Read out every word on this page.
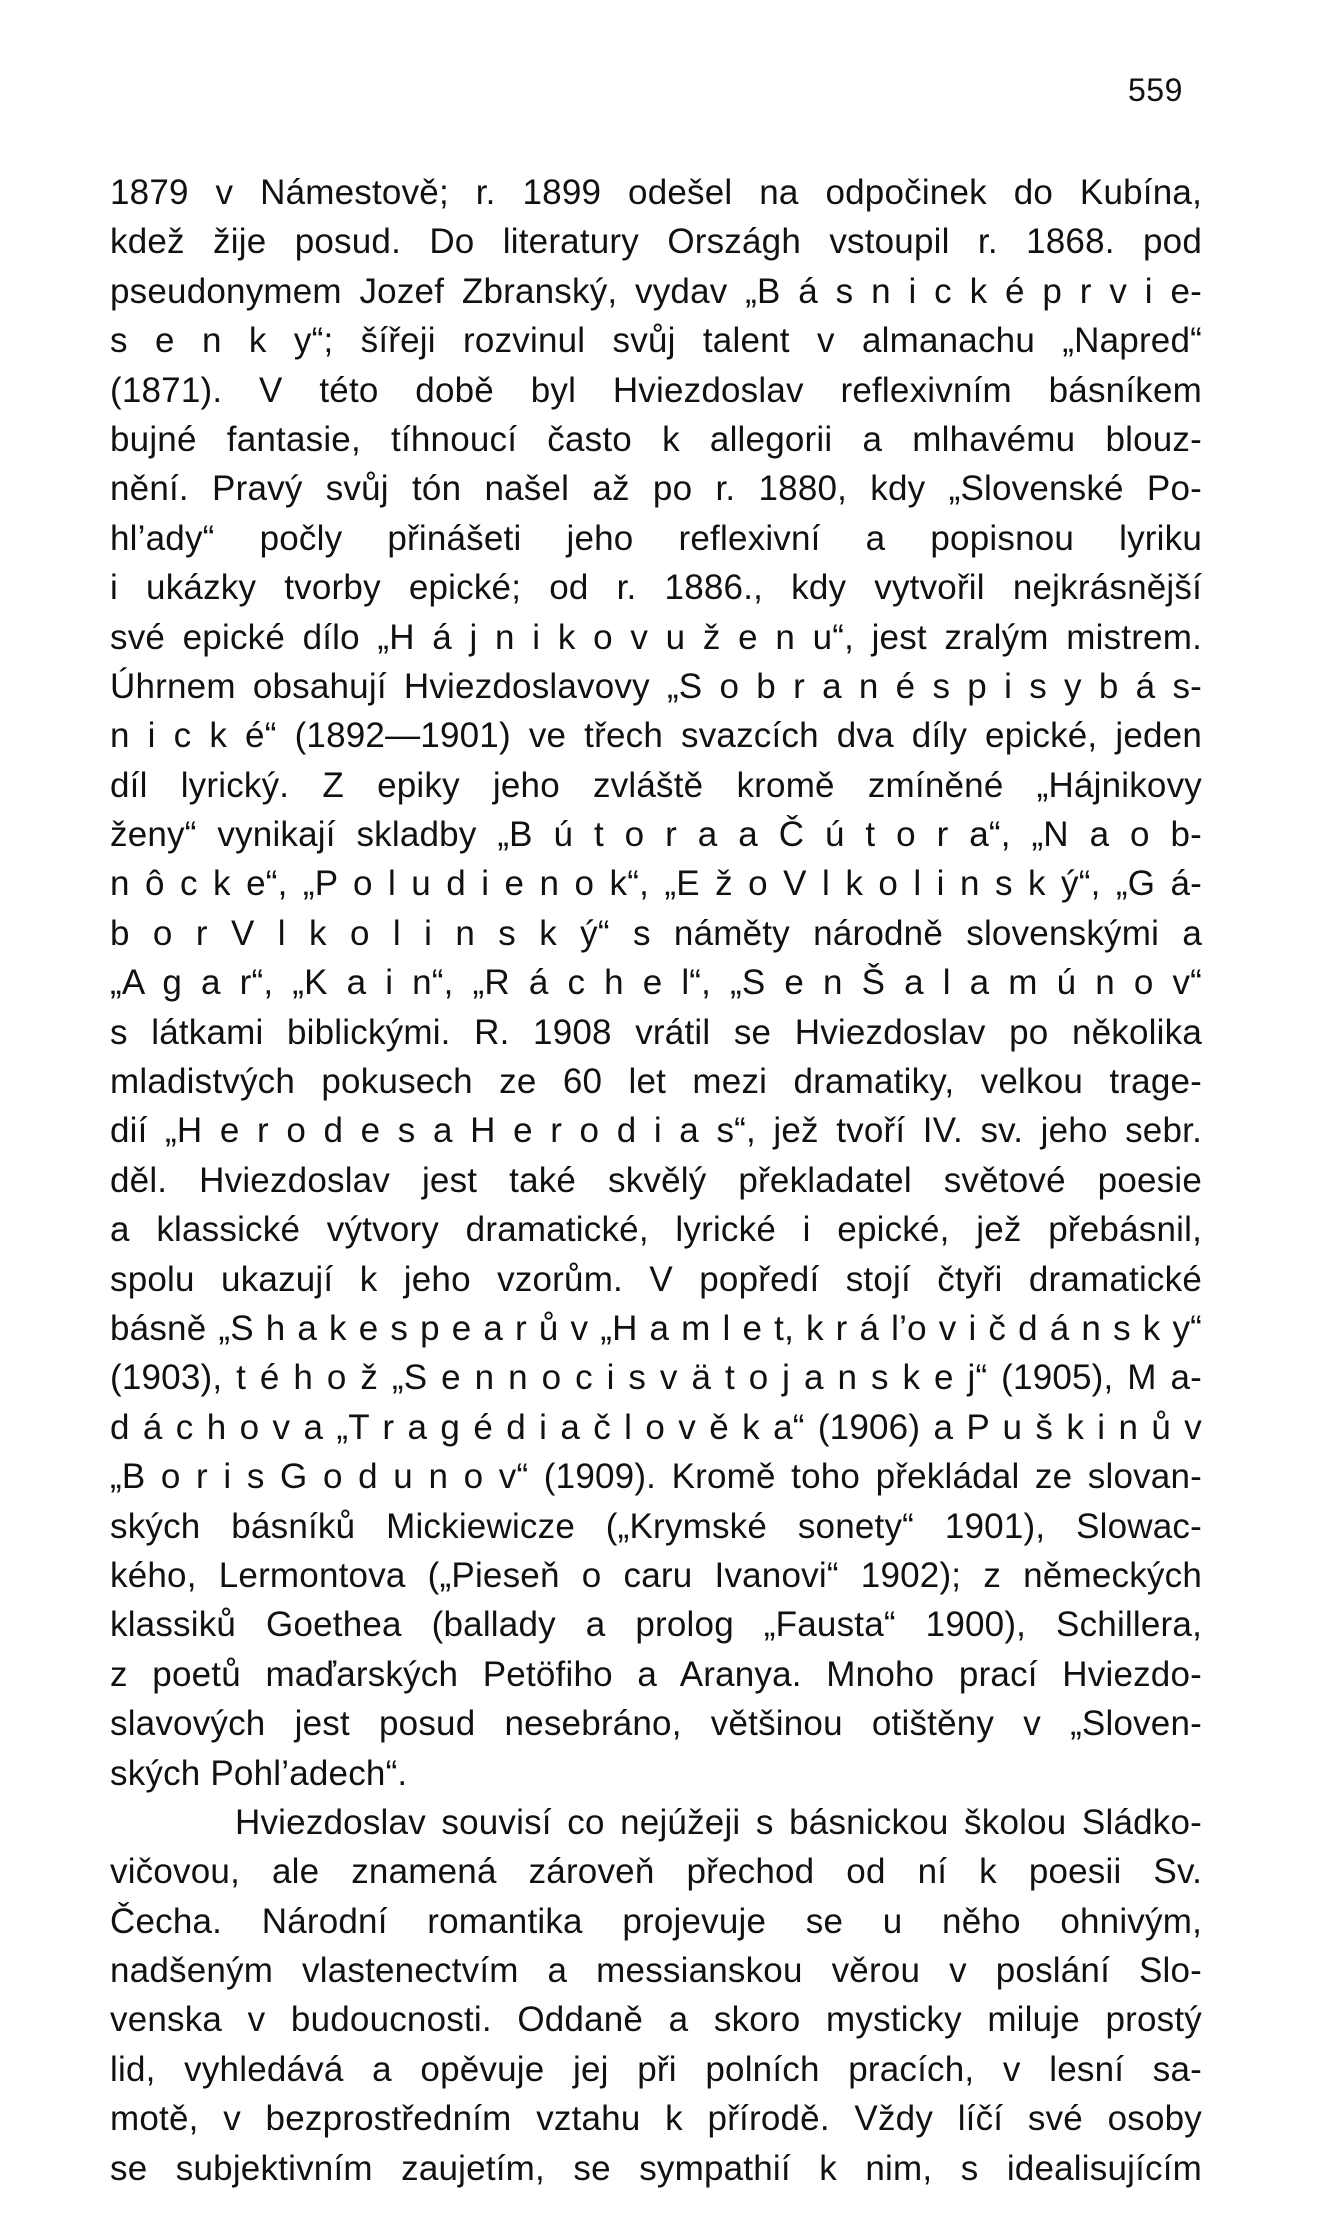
559
1879 v Námestově; r. 1899 odešel na odpočinek do Kubína,
kdež žije posud. Do literatury Országh vstoupil r. 1868. pod
pseudonymem Jozef Zbranský, vydav „B á s n i c k é p r v i e-
s e n k y“; šířeji rozvinul svůj talent v almanachu „Napred“
(1871). V této době byl Hviezdoslav reflexivním básníkem
bujné fantasie, tíhnoucí často k allegorii a mlhavému blouz-
nění. Pravý svůj tón našel až po r. 1880, kdy „Slovenské Po-
hl’ady“ počly přinášeti jeho reflexivní a popisnou lyriku
i ukázky tvorby epické; od r. 1886., kdy vytvořil nejkrásnější
své epické dílo „H á j n i k o v u ž e n u“, jest zralým mistrem.
Úhrnem obsahují Hviezdoslavovy „S o b r a n é s p i s y b á s-
n i c k é“ (1892—1901) ve třech svazcích dva díly epické, jeden
díl lyrický. Z epiky jeho zvláště kromě zmíněné „Hájnikovy
ženy“ vynikají skladby „B ú t o r a a Č ú t o r a“, „N a o b-
n ô c k e“, „P o l u d i e n o k“, „E ž o V l k o l i n s k ý“, „G á-
b o r V l k o l i n s k ý“ s náměty národně slovenskými a
„A g a r“, „K a i n“, „R á c h e l“, „S e n Š a l a m ú n o v“
s látkami biblickými. R. 1908 vrátil se Hviezdoslav po několika
mladistvých pokusech ze 60 let mezi dramatiky, velkou trage-
dií „H e r o d e s a H e r o d i a s“, jež tvoří IV. sv. jeho sebr.
děl. Hviezdoslav jest také skvělý překladatel světové poesie
a klassické výtvory dramatické, lyrické i epické, jež přebásnil,
spolu ukazují k jeho vzorům. V popředí stojí čtyři dramatické
básně „S h a k e s p e a r ů v „H a m l e t, k r á l’o v i č d á n s k y“
(1903), t é h o ž „S e n n o c i s v ä t o j a n s k e j“ (1905), M a-
d á c h o v a „T r a g é d i a č l o v ě k a“ (1906) a P u š k i n ů v
„B o r i s G o d u n o v“ (1909). Kromě toho překládal ze slovan-
ských básníků Mickiewicze („Krymské sonety“ 1901), Slowac-
kého, Lermontova („Pieseň o caru Ivanovi“ 1902); z německých
klassiků Goethea (ballady a prolog „Fausta“ 1900), Schillera,
z poetů maďarských Petöfiho a Aranya. Mnoho prací Hviezdo-
slavových jest posud nesebráno, většinou otištěny v „Sloven-
ských Pohl’adech“.
Hviezdoslav souvisí co nejúžeji s básnickou školou Sládko-
vičovou, ale znamená zároveň přechod od ní k poesii Sv.
Čecha. Národní romantika projevuje se u něho ohnivým,
nadšeným vlastenectvím a messianskou věrou v poslání Slo-
venska v budoucnosti. Oddaně a skoro mysticky miluje prostý
lid, vyhledává a opěvuje jej při polních pracích, v lesní sa-
motě, v bezprostředním vztahu k přírodě. Vždy líčí své osoby
se subjektivním zaujetím, se sympathií k nim, s idealisujícím
